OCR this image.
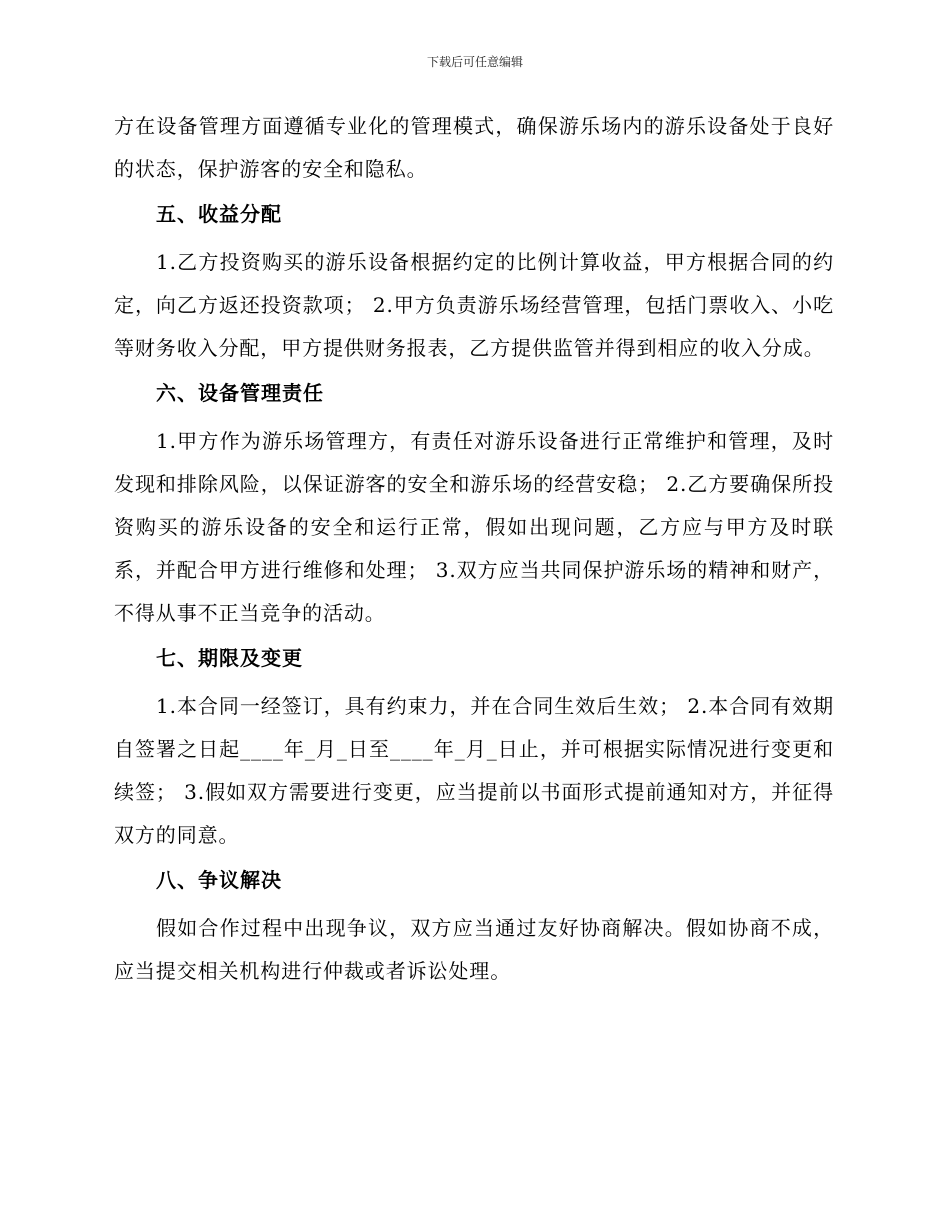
下载后可任意编辑

方在设备管理方面遵循专业化的管理模式，确保游乐场内的游乐设备处于良好的状态，保护游客的安全和隐私。

五、收益分配

1.乙方投资购买的游乐设备根据约定的比例计算收益，甲方根据合同的约定，向乙方返还投资款项； 2.甲方负责游乐场经营管理，包括门票收入、小吃等财务收入分配，甲方提供财务报表，乙方提供监管并得到相应的收入分成。

六、设备管理责任

1.甲方作为游乐场管理方，有责任对游乐设备进行正常维护和管理，及时发现和排除风险，以保证游客的安全和游乐场的经营安稳； 2.乙方要确保所投资购买的游乐设备的安全和运行正常，假如出现问题，乙方应与甲方及时联系，并配合甲方进行维修和处理； 3.双方应当共同保护游乐场的精神和财产，不得从事不正当竞争的活动。

七、期限及变更

1.本合同一经签订，具有约束力，并在合同生效后生效； 2.本合同有效期自签署之日起____年_月_日至____年_月_日止，并可根据实际情况进行变更和续签； 3.假如双方需要进行变更，应当提前以书面形式提前通知对方，并征得双方的同意。

八、争议解决

假如合作过程中出现争议，双方应当通过友好协商解决。假如协商不成，应当提交相关机构进行仲裁或者诉讼处理。
